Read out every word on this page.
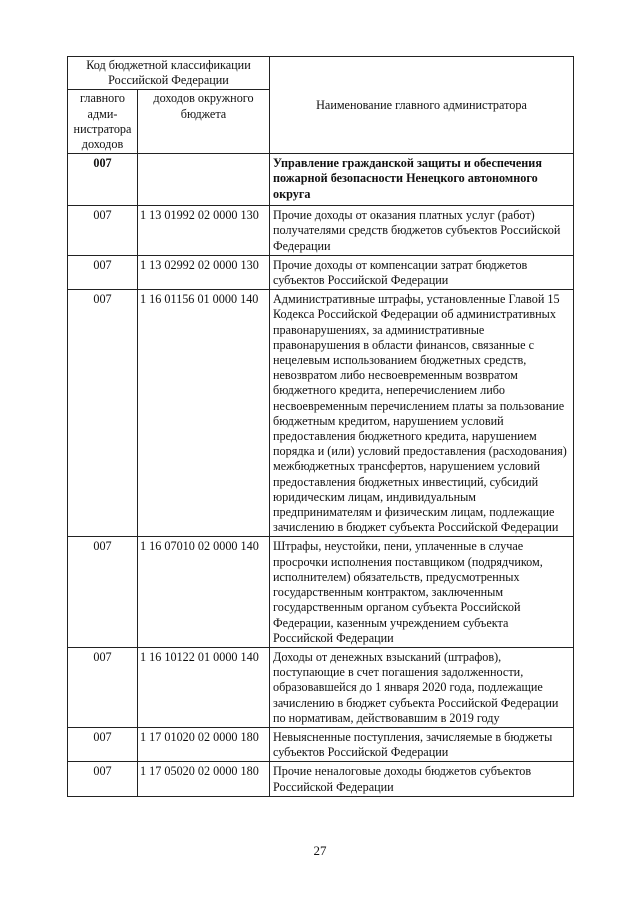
Код бюджетной классификации Российской Федерации		Наименование главного администратора
главного адми-нистратора доходов	доходов окружного бюджета	
007		Управление гражданской защиты и обеспечения пожарной безопасности Ненецкого автономного округа
007	1 13 01992 02 0000 130	Прочие доходы от оказания платных услуг (работ) получателями средств бюджетов субъектов Российской Федерации
007	1 13 02992 02 0000 130	Прочие доходы от компенсации затрат бюджетов субъектов Российской Федерации
007	1 16 01156 01 0000 140	Административные штрафы, установленные Главой 15 Кодекса Российской Федерации об административных правонарушениях, за административные правонарушения в области финансов, связанные с нецелевым использованием бюджетных средств, невозвратом либо несвоевременным возвратом бюджетного кредита, неперечислением либо несвоевременным перечислением платы за пользование бюджетным кредитом, нарушением условий предоставления бюджетного кредита, нарушением порядка и (или) условий предоставления (расходования) межбюджетных трансфертов, нарушением условий предоставления бюджетных инвестиций, субсидий юридическим лицам, индивидуальным предпринимателям и физическим лицам, подлежащие зачислению в бюджет субъекта Российской Федерации
007	1 16 07010 02 0000 140	Штрафы, неустойки, пени, уплаченные в случае просрочки исполнения поставщиком (подрядчиком, исполнителем) обязательств, предусмотренных государственным контрактом, заключенным государственным органом субъекта Российской Федерации, казенным учреждением субъекта Российской Федерации
007	1 16 10122 01 0000 140	Доходы от денежных взысканий (штрафов), поступающие в счет погашения задолженности, образовавшейся до 1 января 2020 года, подлежащие зачислению в бюджет субъекта Российской Федерации по нормативам, действовавшим в 2019 году
007	1 17 01020 02 0000 180	Невыясненные поступления, зачисляемые в бюджеты субъектов Российской Федерации
007	1 17 05020 02 0000 180	Прочие неналоговые доходы бюджетов субъектов Российской Федерации
27
